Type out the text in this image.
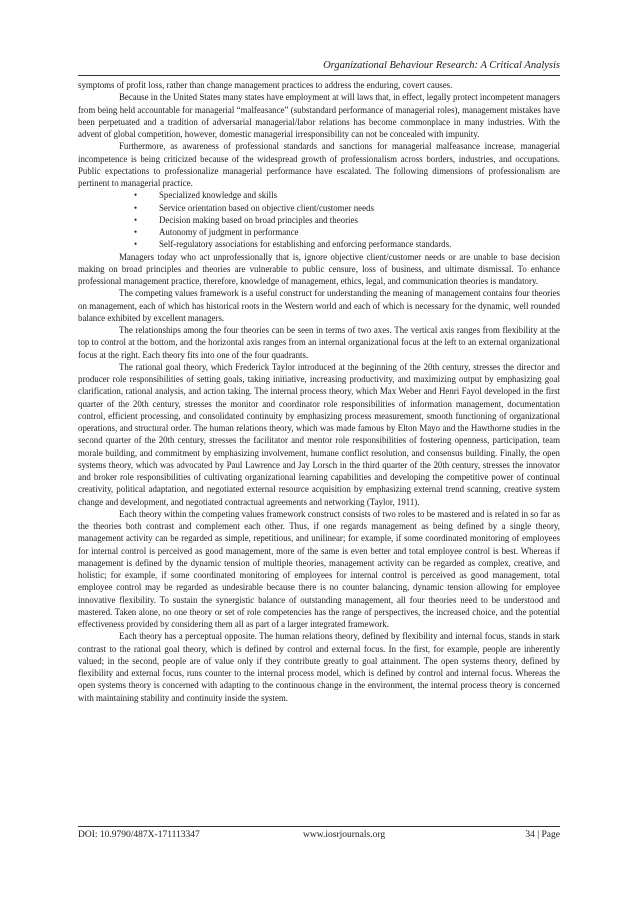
Organizational Behaviour Research: A Critical Analysis

symptoms of profit loss, rather than change management practices to address the enduring, covert causes.

Because in the United States many states have employment at will laws that, in effect, legally protect incompetent managers from being held accountable for managerial “malfeasance” (substandard performance of managerial roles), management mistakes have been perpetuated and a tradition of adversarial managerial/labor relations has become commonplace in many industries. With the advent of global competition, however, domestic managerial irresponsibility can not be concealed with impunity.

Furthermore, as awareness of professional standards and sanctions for managerial malfeasance increase, managerial incompetence is being criticized because of the widespread growth of professionalism across borders, industries, and occupations. Public expectations to professionalize managerial performance have escalated. The following dimensions of professionalism are pertinent to managerial practice.

• Specialized knowledge and skills
• Service orientation based on objective client/customer needs
• Decision making based on broad principles and theories
• Autonomy of judgment in performance
• Self-regulatory associations for establishing and enforcing performance standards.

Managers today who act unprofessionally that is, ignore objective client/customer needs or are unable to base decision making on broad principles and theories are vulnerable to public censure, loss of business, and ultimate dismissal. To enhance professional management practice, therefore, knowledge of management, ethics, legal, and communication theories is mandatory.

The competing values framework is a useful construct for understanding the meaning of management contains four theories on management, each of which has historical roots in the Western world and each of which is necessary for the dynamic, well rounded balance exhibited by excellent managers.

The relationships among the four theories can be seen in terms of two axes. The vertical axis ranges from flexibility at the top to control at the bottom, and the horizontal axis ranges from an internal organizational focus at the left to an external organizational focus at the right. Each theory fits into one of the four quadrants.

The rational goal theory, which Frederick Taylor introduced at the beginning of the 20th century, stresses the director and producer role responsibilities of setting goals, taking initiative, increasing productivity, and maximizing output by emphasizing goal clarification, rational analysis, and action taking. The internal process theory, which Max Weber and Henri Fayol developed in the first quarter of the 20th century, stresses the monitor and coordinator role responsibilities of information management, documentation control, efficient processing, and consolidated continuity by emphasizing process measurement, smooth functioning of organizational operations, and structural order. The human relations theory, which was made famous by Elton Mayo and the Hawthorne studies in the second quarter of the 20th century, stresses the facilitator and mentor role responsibilities of fostering openness, participation, team morale building, and commitment by emphasizing involvement, humane conflict resolution, and consensus building. Finally, the open systems theory, which was advocated by Paul Lawrence and Jay Lorsch in the third quarter of the 20th century, stresses the innovator and broker role responsibilities of cultivating organizational learning capabilities and developing the competitive power of continual creativity, political adaptation, and negotiated external resource acquisition by emphasizing external trend scanning, creative system change and development, and negotiated contractual agreements and networking (Taylor, 1911).

Each theory within the competing values framework construct consists of two roles to be mastered and is related in so far as the theories both contrast and complement each other. Thus, if one regards management as being defined by a single theory, management activity can be regarded as simple, repetitious, and unilinear; for example, if some coordinated monitoring of employees for internal control is perceived as good management, more of the same is even better and total employee control is best. Whereas if management is defined by the dynamic tension of multiple theories, management activity can be regarded as complex, creative, and holistic; for example, if some coordinated monitoring of employees for internal control is perceived as good management, total employee control may be regarded as undesirable because there is no counter balancing, dynamic tension allowing for employee innovative flexibility. To sustain the synergistic balance of outstanding management, all four theories need to be understood and mastered. Taken alone, no one theory or set of role competencies has the range of perspectives, the increased choice, and the potential effectiveness provided by considering them all as part of a larger integrated framework.

Each theory has a perceptual opposite. The human relations theory, defined by flexibility and internal focus, stands in stark contrast to the rational goal theory, which is defined by control and external focus. In the first, for example, people are inherently valued; in the second, people are of value only if they contribute greatly to goal attainment. The open systems theory, defined by flexibility and external focus, runs counter to the internal process model, which is defined by control and internal focus. Whereas the open systems theory is concerned with adapting to the continuous change in the environment, the internal process theory is concerned with maintaining stability and continuity inside the system.

DOI: 10.9790/487X-171113347	www.iosrjournals.org	34 | Page
